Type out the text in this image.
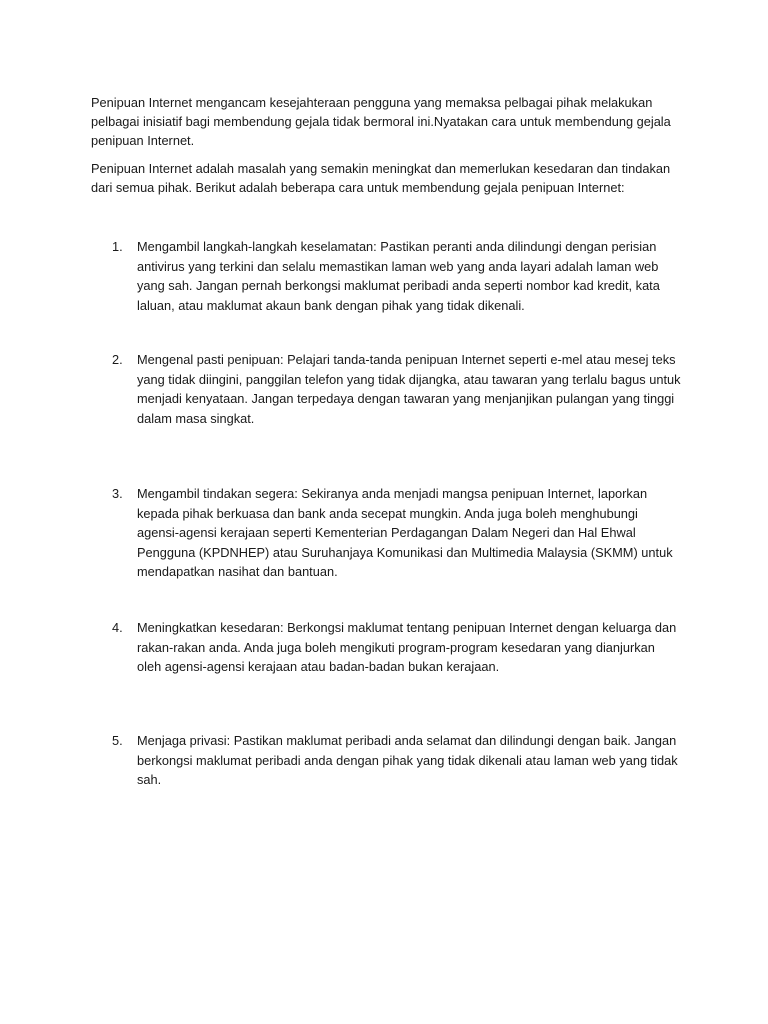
Penipuan Internet mengancam kesejahteraan pengguna yang memaksa pelbagai pihak melakukan pelbagai inisiatif bagi membendung gejala tidak bermoral ini.Nyatakan cara untuk membendung gejala penipuan Internet.

Penipuan Internet adalah masalah yang semakin meningkat dan memerlukan kesedaran dan tindakan dari semua pihak. Berikut adalah beberapa cara untuk membendung gejala penipuan Internet:

1.	Mengambil langkah-langkah keselamatan: Pastikan peranti anda dilindungi dengan perisian antivirus yang terkini dan selalu memastikan laman web yang anda layari adalah laman web yang sah. Jangan pernah berkongsi maklumat peribadi anda seperti nombor kad kredit, kata laluan, atau maklumat akaun bank dengan pihak yang tidak dikenali.
2.	Mengenal pasti penipuan: Pelajari tanda-tanda penipuan Internet seperti e-mel atau mesej teks yang tidak diingini, panggilan telefon yang tidak dijangka, atau tawaran yang terlalu bagus untuk menjadi kenyataan. Jangan terpedaya dengan tawaran yang menjanjikan pulangan yang tinggi dalam masa singkat.
3.	Mengambil tindakan segera: Sekiranya anda menjadi mangsa penipuan Internet, laporkan kepada pihak berkuasa dan bank anda secepat mungkin. Anda juga boleh menghubungi agensi-agensi kerajaan seperti Kementerian Perdagangan Dalam Negeri dan Hal Ehwal Pengguna (KPDNHEP) atau Suruhanjaya Komunikasi dan Multimedia Malaysia (SKMM) untuk mendapatkan nasihat dan bantuan.
4.	Meningkatkan kesedaran: Berkongsi maklumat tentang penipuan Internet dengan keluarga dan rakan-rakan anda. Anda juga boleh mengikuti program-program kesedaran yang dianjurkan oleh agensi-agensi kerajaan atau badan-badan bukan kerajaan.
5.	Menjaga privasi: Pastikan maklumat peribadi anda selamat dan dilindungi dengan baik. Jangan berkongsi maklumat peribadi anda dengan pihak yang tidak dikenali atau laman web yang tidak sah.
